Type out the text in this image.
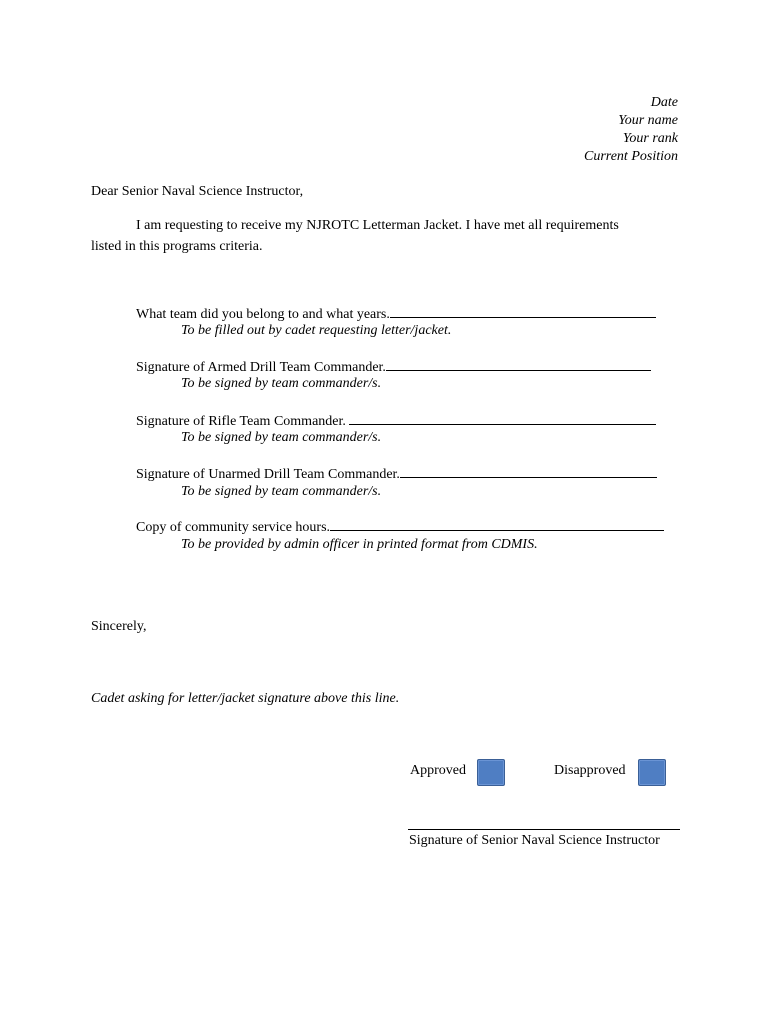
Date
Your name
Your rank
Current Position
Dear Senior Naval Science Instructor,
I am requesting to receive my NJROTC Letterman Jacket. I have met all requirements
listed in this programs criteria.
What team did you belong to and what years.
To be filled out by cadet requesting letter/jacket.
Signature of Armed Drill Team Commander.
To be signed by team commander/s.
Signature of Rifle Team Commander.
To be signed by team commander/s.
Signature of Unarmed Drill Team Commander.
To be signed by team commander/s.
Copy of community service hours.
To be provided by admin officer in printed format from CDMIS.
Sincerely,
Cadet asking for letter/jacket signature above this line.
Approved	Disapproved
Signature of Senior Naval Science Instructor
